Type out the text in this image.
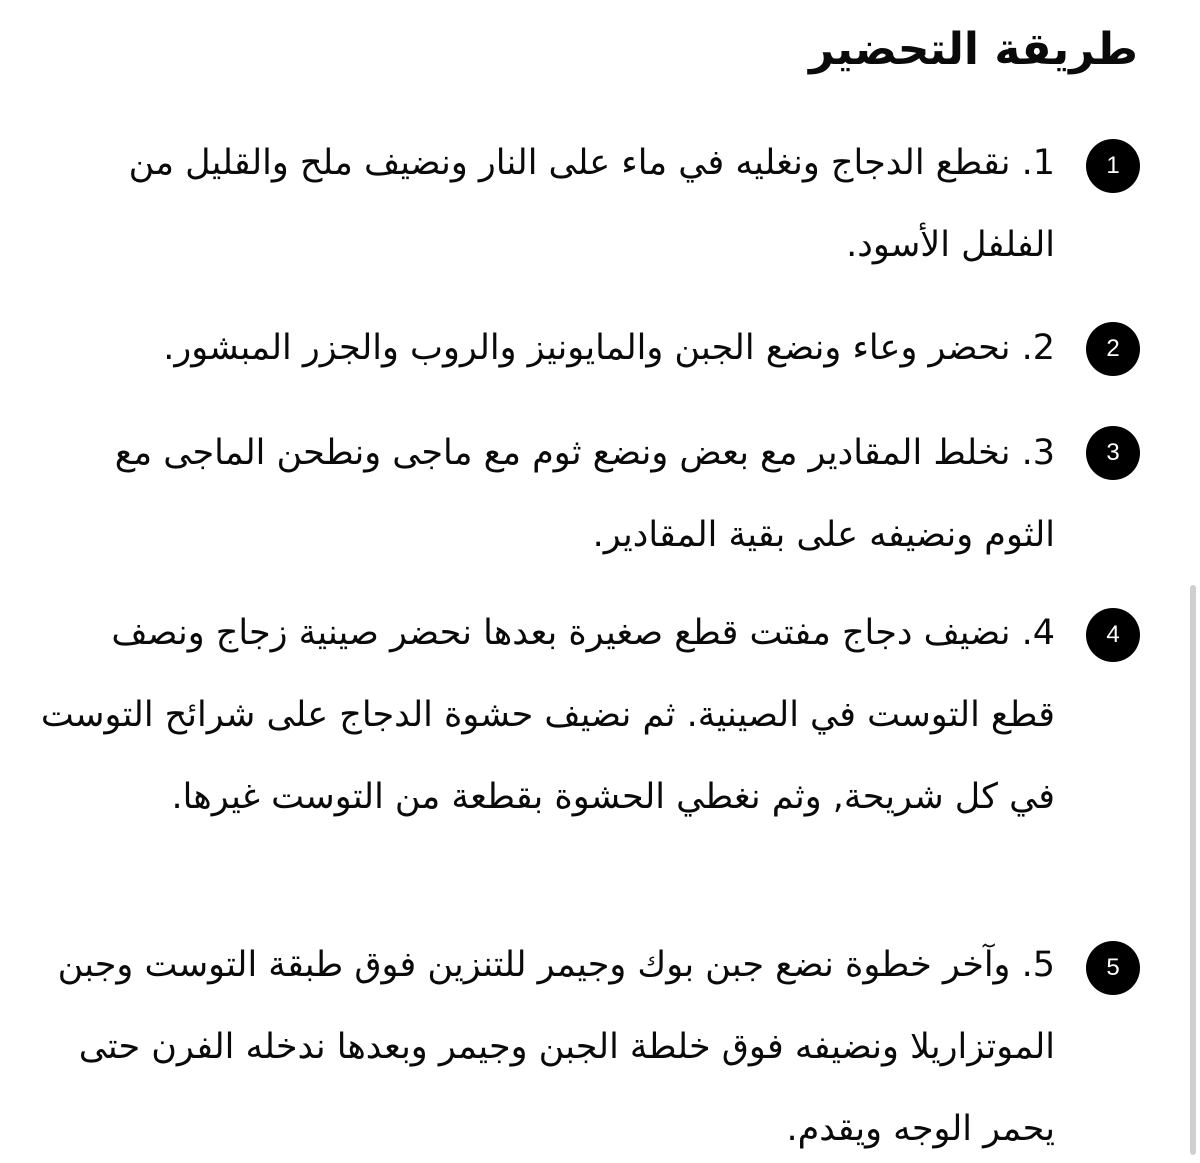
طريقة التحضير
1

1. نقطع الدجاج ونغليه في ماء على النار ونضيف ملح والقليل من الفلفل الأسود.

2

2. نحضر وعاء ونضع الجبن والمايونيز والروب والجزر المبشور.

3

3. نخلط المقادير مع بعض ونضع ثوم مع ماجى ونطحن الماجى مع الثوم ونضيفه على بقية المقادير.

4

4. نضيف دجاج مفتت قطع صغيرة بعدها نحضر صينية زجاج ونصف قطع التوست في الصينية. ثم نضيف حشوة الدجاج على شرائح التوست في كل شريحة, وثم نغطي الحشوة بقطعة من التوست غيرها.

5

5. وآخر خطوة نضع جبن بوك وجيمر للتنزين فوق طبقة التوست وجبن الموتزاريلا ونضيفه فوق خلطة الجبن وجيمر وبعدها ندخله الفرن حتى يحمر الوجه ويقدم.
